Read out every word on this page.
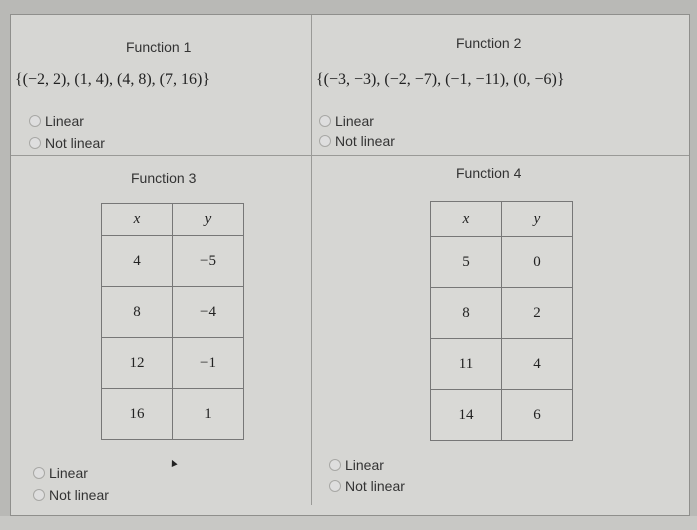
Function 1
{(−2, 2), (1, 4), (4, 8), (7, 16)}
Linear
Not linear
Function 2
{(−3, −3), (−2, −7), (−1, −11), (0, −6)}
Linear
Not linear
Function 3
x	y
4	−5
8	−4
12	−1
16	1
Linear
Not linear
Function 4
x	y
5	0
8	2
11	4
14	6
Linear
Not linear
▲
